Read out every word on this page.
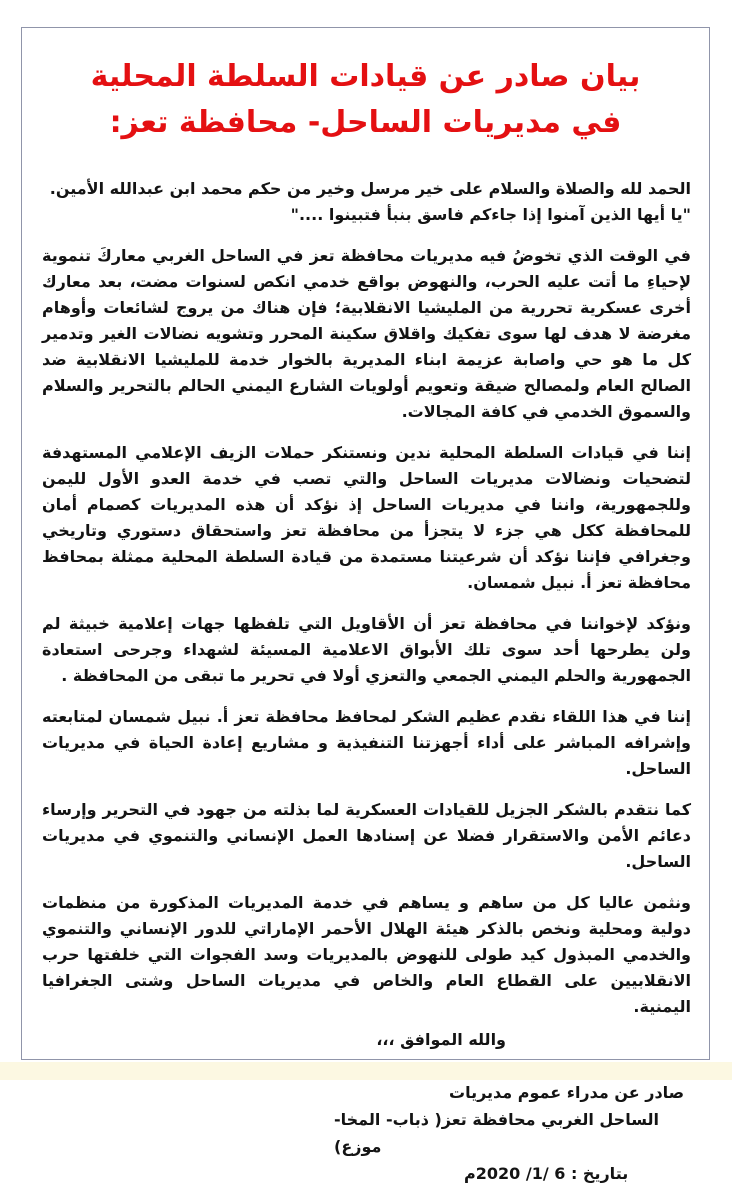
بيان صادر عن قيادات السلطة المحلية
في مديريات الساحل- محافظة تعز:

الحمد لله والصلاة والسلام على خير مرسل وخير من حكم محمد ابن عبدالله الأمين.

"يا أيها الذين آمنوا إذا جاءكم فاسق بنبأ فتبينوا ...."

في الوقت الذي تخوضُ فيه مديريات محافظة تعز في الساحل الغربي معاركَ تنموية لإحياءِ ما أتت عليه الحرب، والنهوض بواقع خدمي انكص لسنوات مضت، بعد معارك أخرى عسكرية تحررية من المليشيا الانقلابية؛ فإن هناك من يروج لشائعات وأوهام مغرضة لا هدف لها سوى تفكيك واقلاق سكينة المحرر وتشويه نضالات الغير وتدمير كل ما هو حي واصابة عزيمة ابناء المديرية بالخوار خدمة للمليشيا الانقلابية ضد الصالح العام ولمصالح ضيقة وتعويم أولويات الشارع اليمني الحالم بالتحرير والسلام والسموق الخدمي في كافة المجالات.

إننا في قيادات السلطة المحلية ندين ونستنكر حملات الزيف الإعلامي المستهدفة لتضحيات ونضالات مديريات الساحل والتي تصب في خدمة العدو الأول لليمن وللجمهورية، واننا في مديريات الساحل إذ نؤكد أن هذه المديريات كصمام أمان للمحافظة ككل هي جزء لا يتجزأ من محافظة تعز واستحقاق دستوري وتاريخي وجغرافي فإننا نؤكد أن شرعيتنا مستمدة من قيادة السلطة المحلية ممثلة بمحافظ محافظة تعز أ. نبيل شمسان.

ونؤكد لإخواننا في محافظة تعز أن الأقاويل التي تلفظها جهات إعلامية خبيثة لم ولن يطرحها أحد سوى تلك الأبواق الاعلامية المسيئة لشهداء وجرحى استعادة الجمهورية والحلم اليمني الجمعي والتعزي أولا في تحرير ما تبقى من المحافظة .

إننا في هذا اللقاء نقدم عظيم الشكر لمحافظ محافظة تعز أ. نبيل شمسان لمتابعته وإشرافه المباشر على أداء أجهزتنا التنفيذية و مشاريع إعادة الحياة في مديريات الساحل.

كما نتقدم بالشكر الجزيل للقيادات العسكرية لما بذلته من جهود في التحرير وإرساء دعائم الأمن والاستقرار فضلا عن إسنادها العمل الإنساني والتنموي في مديريات الساحل.

ونثمن عاليا كل من ساهم و يساهم في خدمة المديريات المذكورة من منظمات دولية ومحلية ونخص بالذكر هيئة الهلال الأحمر الإماراتي للدور الإنساني والتنموي والخدمي المبذول كيد طولى للنهوض بالمديريات وسد الفجوات التي خلفتها حرب الانقلابيين على القطاع العام والخاص في مديريات الساحل وشتى الجغرافيا اليمنية.

والله الموافق ،،،
صادر عن مدراء عموم مديريات
الساحل الغربي محافظة تعز( ذباب- المخا- موزع)
بتاريخ : 6 /1/ 2020م
